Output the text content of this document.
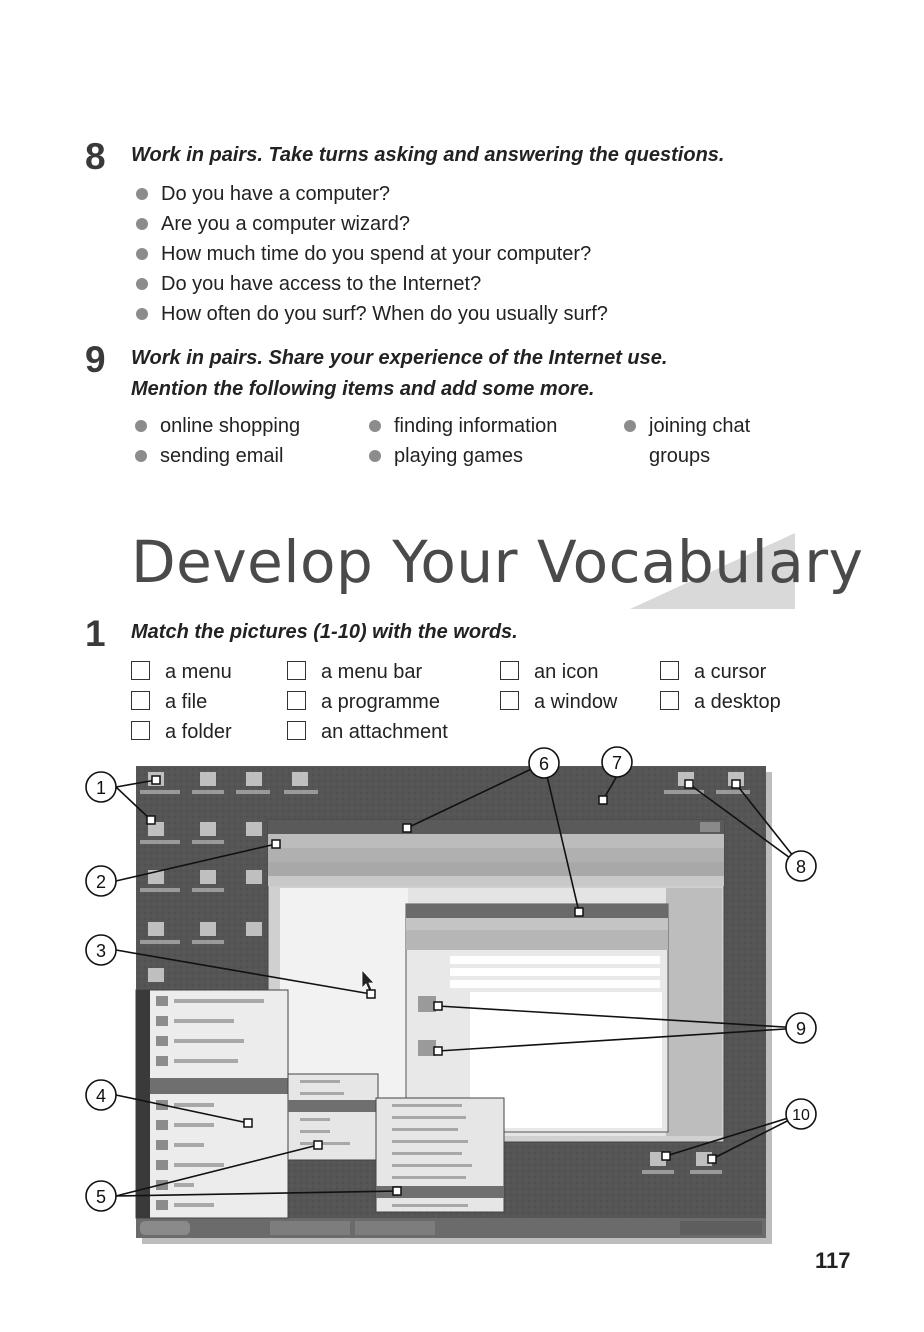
8 Work in pairs. Take turns asking and answering the questions.
Do you have a computer?
Are you a computer wizard?
How much time do you spend at your computer?
Do you have access to the Internet?
How often do you surf? When do you usually surf?
9 Work in pairs. Share your experience of the Internet use.
Mention the following items and add some more.
online shopping
sending email
finding information
playing games
joining chat
groups
Develop Your Vocabulary
1 Match the pictures (1-10) with the words.
a menu
a file
a folder
a menu bar
a programme
an attachment
an icon
a window
a cursor
a desktop
1
2
3
4
5
6	7
8
9
10
117
